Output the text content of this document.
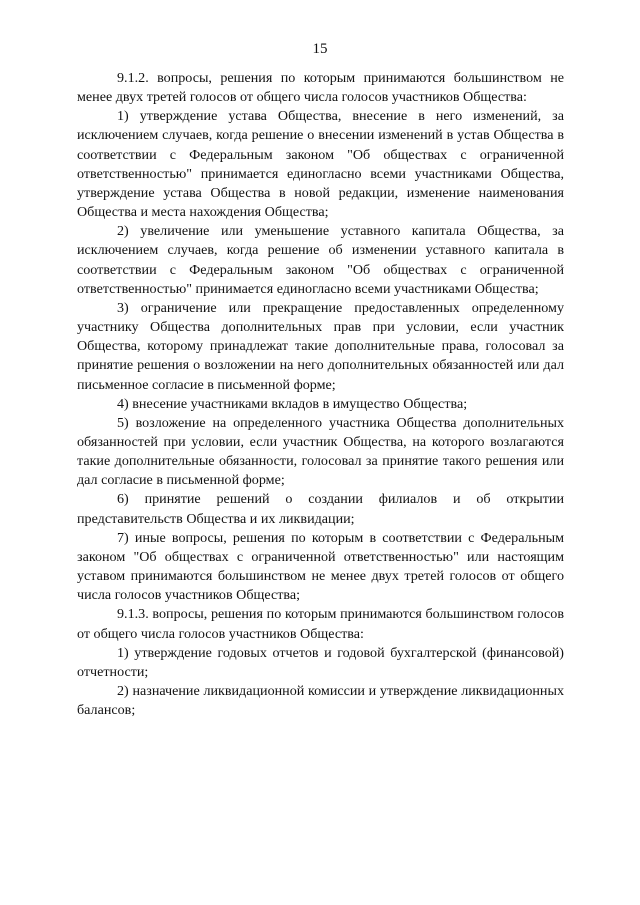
15

9.1.2. вопросы, решения по которым принимаются большинством не менее двух третей голосов от общего числа голосов участников Общества:

1) утверждение устава Общества, внесение в него изменений, за исключением случаев, когда решение о внесении изменений в устав Общества в соответствии с Федеральным законом "Об обществах с ограниченной ответственностью" принимается единогласно всеми участниками Общества, утверждение устава Общества в новой редакции, изменение наименования Общества и места нахождения Общества;

2) увеличение или уменьшение уставного капитала Общества, за исключением случаев, когда решение об изменении уставного капитала в соответствии с Федеральным законом "Об обществах с ограниченной ответственностью" принимается единогласно всеми участниками Общества;

3) ограничение или прекращение предоставленных определенному участнику Общества дополнительных прав при условии, если участник Общества, которому принадлежат такие дополнительные права, голосовал за принятие решения о возложении на него дополнительных обязанностей или дал письменное согласие в письменной форме;

4) внесение участниками вкладов в имущество Общества;

5) возложение на определенного участника Общества дополнительных обязанностей при условии, если участник Общества, на которого возлагаются такие дополнительные обязанности, голосовал за принятие такого решения или дал согласие в письменной форме;

6) принятие решений о создании филиалов и об открытии представительств Общества и их ликвидации;

7) иные вопросы, решения по которым в соответствии с Федеральным законом "Об обществах с ограниченной ответственностью" или настоящим уставом принимаются большинством не менее двух третей голосов от общего числа голосов участников Общества;

9.1.3. вопросы, решения по которым принимаются большинством голосов от общего числа голосов участников Общества:

1) утверждение годовых отчетов и годовой бухгалтерской (финансовой) отчетности;

2) назначение ликвидационной комиссии и утверждение ликвидационных балансов;
